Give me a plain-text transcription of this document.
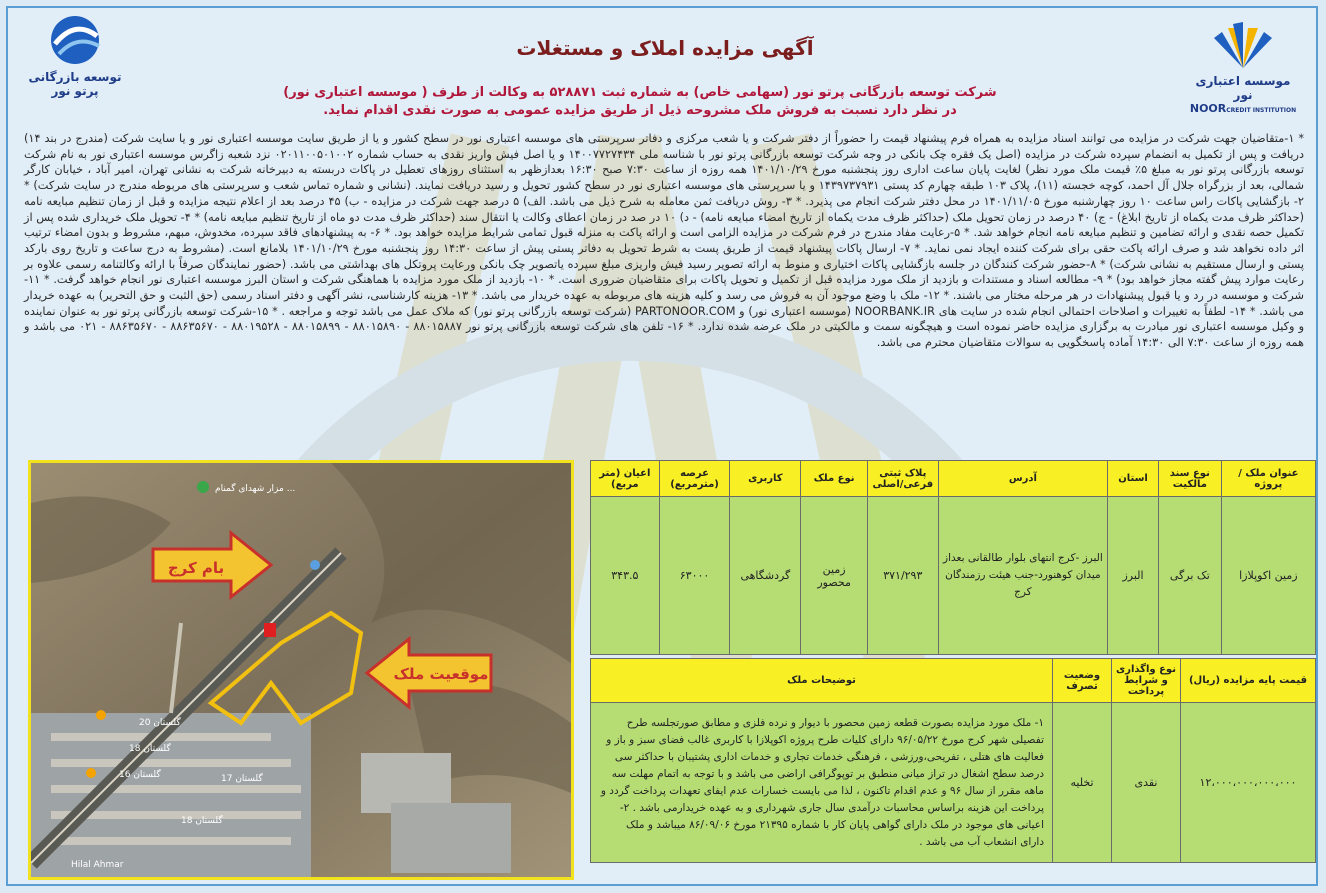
توسعه بازرگانی
پرتو نور
موسسه اعتباری نور
NOORCREDIT INSTITUTION
آگهی مزایده املاک و مستغلات
شرکت توسعه بازرگانی پرتو نور (سهامی خاص) به شماره ثبت ۵۲۸۸۷۱ به وکالت از طرف ( موسسه اعتباری نور)
در نظر دارد نسبت به فروش ملک مشروحه ذیل از طریق مزایده عمومی به صورت نقدی اقدام نماید.

* ۱-متقاضیان جهت شرکت در مزایده می توانند اسناد مزایده به همراه فرم پیشنهاد قیمت را حضوراً از دفتر شرکت و یا شعب مرکزی و دفاتر سرپرستی های موسسه اعتباری نور در سطح کشور و یا از طریق سایت موسسه اعتباری نور و یا سایت شرکت (مندرج در بند ۱۴) دریافت و پس از تکمیل به انضمام سپرده شرکت در مزایده (اصل یک فقره چک بانکی در وجه شرکت توسعه بازرگانی پرتو نور با شناسه ملی ۱۴۰۰۷۷۲۷۴۳۴ و یا اصل فیش واریز نقدی به حساب شماره ۰۲۰۱۱۰۰۵۰۱۰۰۲ نزد شعبه زاگرس موسسه اعتباری نور به نام شرکت توسعه بازرگانی پرتو نور به مبلغ ۵٪ قیمت ملک مورد نظر) لغایت پایان ساعت اداری روز پنجشنبه مورخ ۱۴۰۱/۱۰/۲۹ همه روزه از ساعت ۷:۳۰ صبح ۱۶:۳۰ بعدازظهر به استثنای روزهای تعطیل در پاکات دربسته به دبیرخانه شرکت به نشانی تهران، امیر آباد ، خیابان کارگر شمالی، بعد از بزرگراه جلال آل احمد، کوچه خجسته (۱۱)، پلاک ۱۰۳ طبقه چهارم کد پستی ۱۴۳۹۷۳۷۹۳۱ و یا سرپرستی های موسسه اعتباری نور در سطح کشور تحویل و رسید دریافت نمایند. (نشانی و شماره تماس شعب و سرپرستی های مربوطه مندرج در سایت شرکت) * ۲- بازگشایی پاکات راس ساعت ۱۰ روز چهارشنبه مورخ ۱۴۰۱/۱۱/۰۵ در محل دفتر شرکت انجام می پذیرد. * ۳- روش دریافت ثمن معامله به شرح ذیل می باشد. الف) ۵ درصد جهت شرکت در مزایده - ب) ۴۵ درصد بعد از اعلام نتیجه مزایده و قبل از زمان تنظیم مبایعه نامه (حداکثر ظرف مدت یکماه از تاریخ ابلاغ) - ج) ۴۰ درصد در زمان تحویل ملک (حداکثر ظرف مدت یکماه از تاریخ امضاء مبایعه نامه) - د) ۱۰ در صد در زمان اعطای وکالت یا انتقال سند (حداکثر ظرف مدت دو ماه از تاریخ تنظیم مبایعه نامه) * ۴- تحویل ملک خریداری شده پس از تکمیل حصه نقدی و ارائه تضامین و تنظیم مبایعه نامه انجام خواهد شد. * ۵-رعایت مفاد مندرج در فرم شرکت در مزایده الزامی است و ارائه پاکت به منزله قبول تمامی شرایط مزایده خواهد بود. * ۶- به پیشنهادهای فاقد سپرده، مخدوش، مبهم، مشروط و بدون امضاء ترتیب اثر داده نخواهد شد و صرف ارائه پاکت حقی برای شرکت کننده ایجاد نمی نماید. * ۷- ارسال پاکات پیشنهاد قیمت از طریق پست به شرط تحویل به دفاتر پستی پیش از ساعت ۱۴:۳۰ روز پنجشنبه مورخ ۱۴۰۱/۱۰/۲۹ بلامانع است. (مشروط به درج ساعت و تاریخ روی بارکد پستی و ارسال مستقیم به نشانی شرکت) * ۸-حضور شرکت کنندگان در جلسه بازگشایی پاکات اختیاری و منوط به ارائه تصویر رسید فیش واریزی مبلغ سپرده یاتصویر چک بانکی ورعایت پروتکل های بهداشتی می باشد. (حضور نمایندگان صرفاً با ارائه وکالتنامه رسمی علاوه بر رعایت موارد پیش گفته مجاز خواهد بود) * ۹- مطالعه اسناد و مستندات و بازدید از ملک مورد مزایده قبل از تکمیل و تحویل پاکات برای متقاضیان ضروری است. * ۱۰- بازدید از ملک مورد مزایده با هماهنگی شرکت و استان البرز موسسه اعتباری نور انجام خواهد گرفت. * ۱۱- شرکت و موسسه در رد و یا قبول پیشنهادات در هر مرحله مختار می باشند. * ۱۲- ملک با وضع موجود آن به فروش می رسد و کلیه هزینه های مربوطه به عهده خریدار می باشد. * ۱۳- هزینه کارشناسی، نشر آگهی و دفتر اسناد رسمی (حق الثبت و حق التحریر) به عهده خریدار می باشد. * ۱۴- لطفاً به تغییرات و اصلاحات احتمالی انجام شده در سایت های NOORBANK.IR (موسسه اعتباری نور) و PARTONOOR.COM (شرکت توسعه بازرگانی پرتو نور) که ملاک عمل می باشد توجه و مراجعه . * ۱۵-شرکت توسعه بازرگانی پرتو نور به عنوان نماینده و وکیل موسسه اعتباری نور مبادرت به برگزاری مزایده حاضر نموده است و هیچگونه سمت و مالکیتی در ملک عرضه شده ندارد. * ۱۶- تلفن های شرکت توسعه بازرگانی پرتو نور ۸۸۰۱۵۸۸۷ - ۸۸۰۱۵۸۹۰ - ۸۸۰۱۵۸۹۹ - ۸۸۰۱۹۵۲۸ - ۸۸۶۳۵۶۷۰ - ۸۸۶۳۵۶۷۰ - ۰۲۱ می باشد و همه روزه از ساعت ۷:۳۰ الی ۱۴:۳۰ آماده پاسخگویی به سوالات متقاضیان محترم می باشد.

عنوان ملک / پروژه	نوع سند مالکیت	استان	آدرس	پلاک ثبتی فرعی/اصلی	نوع ملک	کاربری	عرصه (مترمربع)	اعیان (متر مربع)
زمین اکوپلازا	تک برگی	البرز	البرز -کرج انتهای بلوار طالقانی بعداز میدان کوهنورد-جنب هیئت رزمندگان کرج	۳۷۱/۲۹۳	زمین محصور	گردشگاهی	۶۳۰۰۰	۳۴۳.۵
قیمت پایه مزایده (ریال)	نوع واگذاری و شرایط پرداخت	وضعیت تصرف	توضیحات ملک
۱۲،۰۰۰،۰۰۰،۰۰۰،۰۰۰	نقدی	تخلیه	۱- ملک مورد مزایده بصورت قطعه زمین محصور با دیوار و نرده فلزی و مطابق صورتجلسه طرح تفصیلی شهر کرج مورخ ۹۶/۰۵/۲۲ دارای کلیات طرح پروژه اکوپلازا با کاربری غالب فضای سبز و باز و فعالیت های هتلی ، تفریحی،ورزشی ، فرهنگی خدمات تجاری و خدمات اداری پشتیبان با حداکثر سی درصد سطح اشغال در تراز میانی منطبق بر توپوگرافی اراضی می باشد و با توجه به اتمام مهلت سه ماهه مقرر از سال ۹۶ و عدم اقدام تاکنون ، لذا می بایست خسارات عدم ایفای تعهدات پرداخت گردد و پرداخت این هزینه براساس محاسبات درآمدی سال جاری شهرداری و به عهده خریدارمی باشد . ۲- اعیانی های موجود در ملک دارای گواهی پایان کار با شماره ۲۱۳۹۵ مورخ ۸۶/۰۹/۰۶ میباشد و ملک دارای انشعاب آب می باشد .
بام کرج
موقعیت ملک
مزار شهدای گمنام ...
گلستان 20
گلستان 18
گلستان 16	گلستان 17
گلستان 18
Hilal Ahmar
